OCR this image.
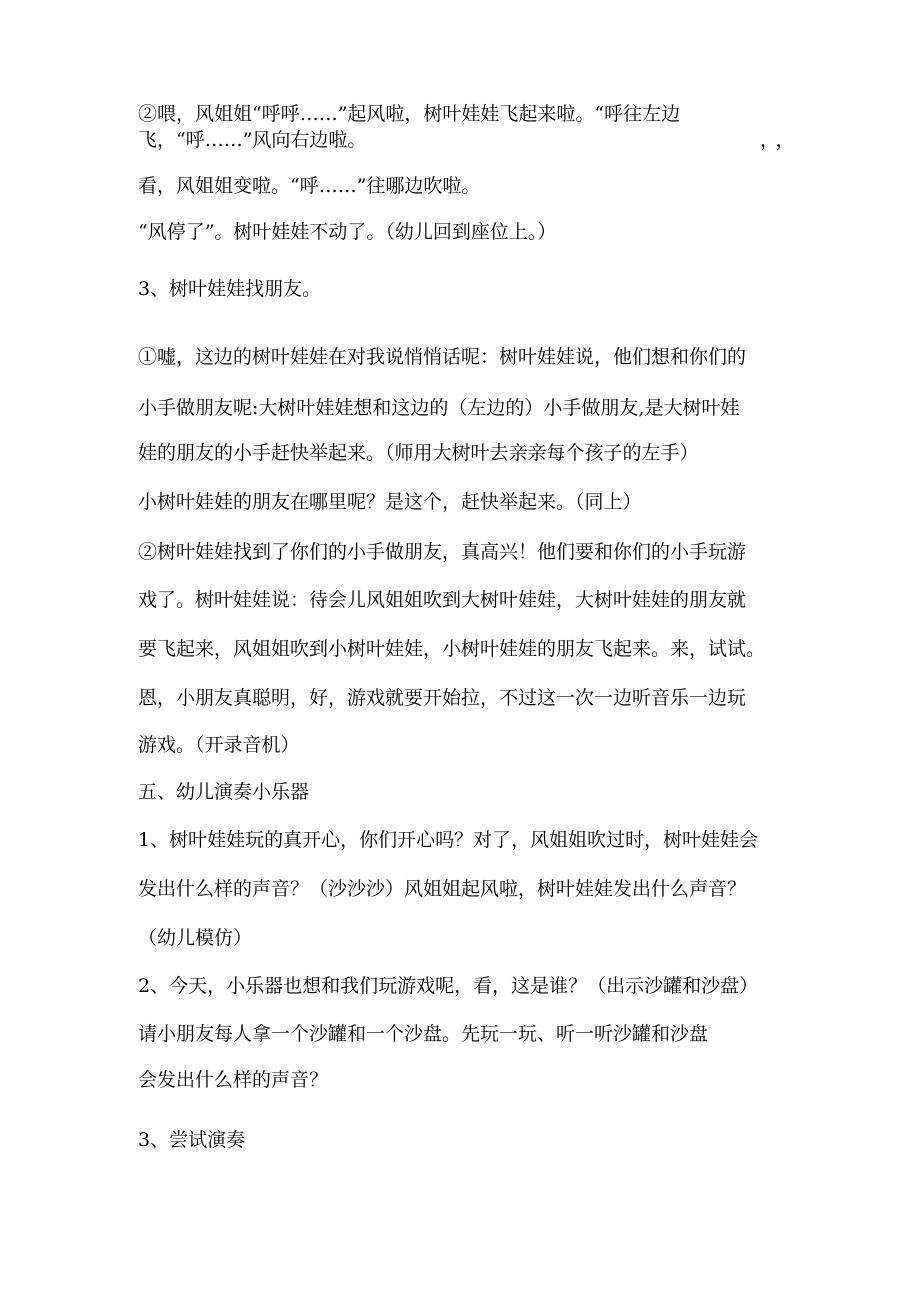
②喂，风姐姐“呼呼……”起风啦，树叶娃娃飞起来啦。“呼往左边
飞，“呼……”风向右边啦。	，，
看，风姐姐变啦。“呼……”往哪边吹啦。
“风停了”。树叶娃娃不动了。（幼儿回到座位上。）
3、树叶娃娃找朋友。
①嘘，这边的树叶娃娃在对我说悄悄话呢：树叶娃娃说，他们想和你们的
小手做朋友呢:大树叶娃娃想和这边的（左边的）小手做朋友,是大树叶娃
娃的朋友的小手赶快举起来。（师用大树叶去亲亲每个孩子的左手）
小树叶娃娃的朋友在哪里呢？是这个，赶快举起来。（同上）
②树叶娃娃找到了你们的小手做朋友，真高兴！他们要和你们的小手玩游
戏了。树叶娃娃说：待会儿风姐姐吹到大树叶娃娃，大树叶娃娃的朋友就
要飞起来，风姐姐吹到小树叶娃娃，小树叶娃娃的朋友飞起来。来，试试。
恩，小朋友真聪明，好，游戏就要开始拉，不过这一次一边听音乐一边玩
游戏。（开录音机）
五、幼儿演奏小乐器
1、树叶娃娃玩的真开心，你们开心吗？对了，风姐姐吹过时，树叶娃娃会
发出什么样的声音？（沙沙沙）风姐姐起风啦，树叶娃娃发出什么声音？
（幼儿模仿）
2、今天，小乐器也想和我们玩游戏呢，看，这是谁？（出示沙罐和沙盘）
请小朋友每人拿一个沙罐和一个沙盘。先玩一玩、听一听沙罐和沙盘
会发出什么样的声音？
3、尝试演奏
